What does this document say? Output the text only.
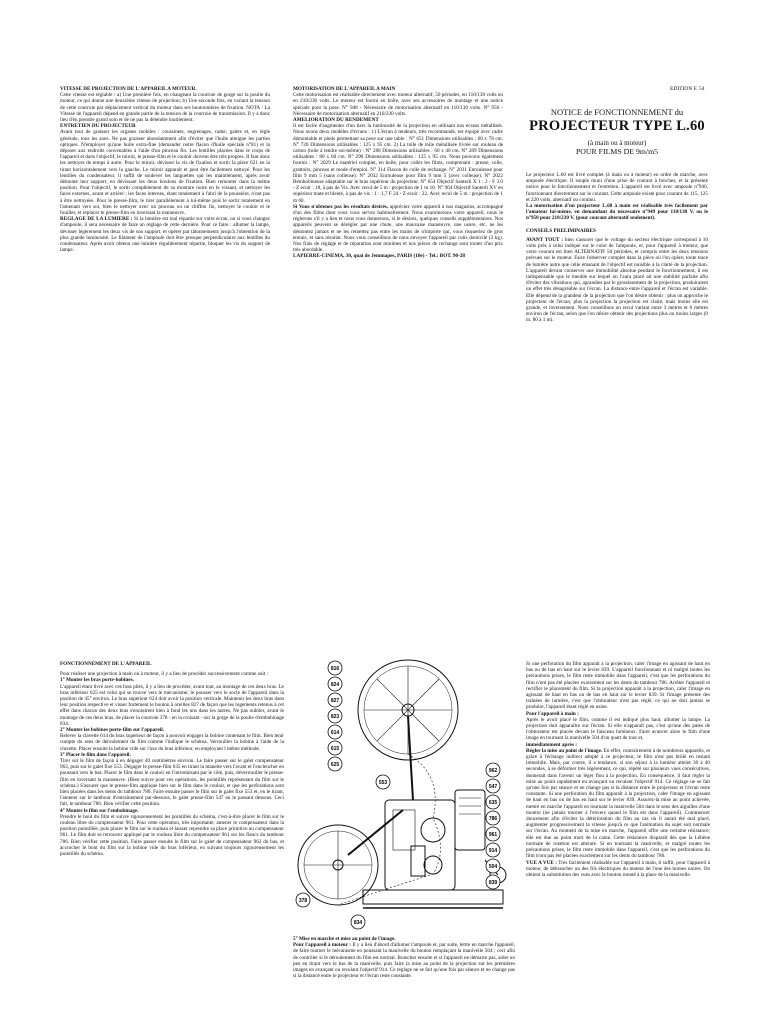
EDITION F. 54
NOTICE de FONCTIONNEMENT du
PROJECTEUR TYPE L.60
(à main ou à moteur)
POUR FILMS DE 9m/m5

VITESSE DE PROJECTION DE L'APPAREIL A MOTEUR.

Cette vitesse est réglable : a) Une première fois, en changeant la courroie de gorge sur la poulie du moteur, ce qui donne une deuxième vitesse de projection; b) Une seconde fois, en variant la tension de cette courroie par déplacement vertical du moteur dans ses boutonnières de fixation. NOTA : La Vitesse de l'appareil dépend en grande partie de la tension de la courroie de transmission. Il y à donc lieu d'en prendre grand soin et de ne pas la détendre inutilement.

ENTRETIEN DU PROJECTEUR

Avant tout de graisser les organes mobiles : coussinets, engrenages, came, galets et, en règle générale, tous les axes. Ne pas graisser abondamment afin d'éviter que l'huile atteigne les parties optiques. N'employer qu'une huile extra-fine (demander notre flacon d'huile spéciale n°81) et la déposer aux endroits convenables à l'aide d'un pinceau fin. Les lentilles placées dans le corps de l'appareil et dans l'objectif, le miroir, le presse-film et le couloir doivent être très propres. Il faut donc les nettoyer de temps à autre. Pour le miroir, dévisser la vis de fixation et sortir la pièce 621 en la tirant horizontalement vers la gauche. Le miroir apparaît et peut être facilement nettoyé. Pour les lentilles du condensateur, il suffit de soulever les languettes qui les maintiennent, après avoir démonté leur support, en dévissant les deux boulons de fixation. Bien remonter dans la même position. Pour l'objectif, le sortir complètement de sa monture noire en le vissant, et nettoyer les faces externes, avant et arrière ; les faces internes, étant totalement à l'abri de la poussière, n'ont pas à être nettoyées. Pour le presse-film, le tirer parallèlement à lui-même puis le sortir totalement en l'amenant vers soi, bien le nettoyer avec un pinceau ou un chiffon fin, nettoyer le couloir et le fouiller, et replacer le presse-film en inversant la manœuvre.

REGLAGE DE LA LUMIERE : Si la lumière est mal répartie sur votre écran, ou si vous changez d'ampoule, il sera nécessaire de faire un réglage de cette dernière. Pour ce faire : allumer la lampe, dévisser légèrement les deux vis de son support, et opérer par tâtonnements jusqu'à l'obtention de la plus grande luminosité. Le filament de l'ampoule doit être presque perpendiculaire aux lentilles du condensateur. Après avoir obtenu une lumière régulièrement répartie, bloquer les vis du support de lampe.

MOTORISATION DE L'APPAREIL A MAIN

Cette motorisation est réalisable directement avec moteur alternatif, 50 périodes, en 110/130 volts ou en 210/230 volts. Le moteur est fourni en boîte, avec ses accessoires de montage et une notice spéciale pour la pose. N° 948 - Nécessaire de motorisation alternatif en 110/130 volts. N° 950 - Nécessaire de motorisation alternatif en 210/230 volts.

AMELIORATION DU RENDEMENT

Il est facile d'augmenter d'un tiers la luminosité de la projection en utilisant nos écrans métallisés. Nous avons deux modèles d'écrans : 1) L'écran à tendeurs, très recommandé, est équipé avec cadre démontable et pieds permettant sa pose sur une table : N° 651 Dimensions utilisables : 60 x 78 cm. N° 720 Dimensions utilisables : 125 x 95 cm. 2) La toile de toile métallisée livrée sur rouleau de carton (toile à tendre soi-même) : N° 288 Dimensions utilisables : 60 x 40 cm. N° 289 Dimensions utilisables : 80 x 60 cm. N° 290 Dimensions utilisables : 125 x 95 cm. Nous pouvons également fournir : N° 2029 Le matériel complet, en boîte, pour coller les films, comprenant : presse, colle, grattoirs, pinceau et mode d'emploi. N° 314 Flacon de colle de rechange. N° 2031 Enrouleuse pour film 9 mm 5 (sans colleuse). N° 2032 Enrouleuse pour film 9 mm 5 (avec colleuse). N° 2022 Rembobineuse adaptable sur le bras supérieur du projecteur. N° 654 Objectif Santerli X 1 : 2 - F 3.0 - Z ecuir : 18, à pas de Vis. Avec recul de 5 m : projection de 1 m 10. N° 964 Objectif Santerli XV en supérieur mate et bleuté, à pas de vis : 1 : 1,7 F 24 - Z ecuir : 22. Avec recul de 5 m : projection de 1 m 60.

Si Vous n'obtenez pas les résultats désirés, appréciez votre appareil à nos magasins, accompagné d'un des films dont vous vous servez habituellement. Nous examinerons votre appareil, nous le réglerons s'il y a lieu et nous vous donnerons, si le désirez, quelques conseils supplémentaires. Nos appareils peuvent se dérégler par une chute, une mauvaise manœuvre, une usure, etc. ne les démontez jamais et ne les remettez pas entre les mains de n'importe qui, vous risqueriez de gros ennuis, et sans résultat. Nous vous conseillons de nous envoyer l'appareil par colis domicile (3 kg). Nos frais de réglage et de réparation sont minimes et nos pièces de rechange sont toutes d'un prix très abordable.

LAPIERRE-CINEMA, 30, quai de Jemmapes, PARIS (10e) - Tel.: BOT. 90-28

Le projecteur L.60 est livré complet (à main ou à moteur) en ordre de marche, avec ampoule électrique. Il souple muni d'une prise de courant à broches, et la présente notice pour le fonctionnement et l'entretien. L'appareil est livré avec ampoule n°940, fonctionnant directement sur le courant. Cette ampoule existe pour courant de 115, 125 et 220 volts, alternatif ou continu.

La motorisation d'un projecteur L.60 à main est réalisable très facilement par l'amateur lui-même, en demandant du nécessaire n°949 pour 110/130 V. ou le n°950 pour 210/230 V. (pour courant alternatif seulement).

CONSEILS PRELIMINAIRES

AVANT TOUT : bien s'assurer que le voltage du secteur électrique correspond à 10 volts près à celui indiqué sur le culot de l'ampoule, et, pour l'appareil à moteur, que votre courant est bien ALTERNATIF 50 périodes, et compris entre les deux tensions prévues sur le moteur. Faire l'observer complet dans la pièce où l'on opère; toute trace de lumière autre que celle émanant de l'objectif est nuisible à la clarté de la projection. L'appareil devant conserver une immobilité absolue pendant le fonctionnement, il est indispensable que le meuble sur lequel on l'aura placé ait une stabilité parfaite afin d'éviter des vibrations qui, agrandies par le grossissement de la projection, produiraient un effet très désagréable sur l'écran. La distance entre l'appareil et l'écran est variable. Elle dépend de la grandeur de la projection que l'on désire obtenir : plus on approche le projecteur de l'écran, plus la projection la projection est claire, mais moins elle est grande, et inversement. Nous conseillons un recul variant entre 3 mètres et 6 mètres environ de l'écran, selon que l'on désire obtenir des projections plus ou moins larges (0 m. 80 à 1 m).

FONCTIONNEMENT DE L'APPAREIL

Pour réaliser une projection à main ou à moteur, il y a lieu de procéder successivement comme suit :

1° Monter les bras porte-bobines.

L'appareil étant livré avec ces bras pliés, il y a lieu de procéder, avant tout, au montage de ces deux bras. Le bras inférieur 625 est celui qui se trouve vers le mécanisme; le pousser vers le socle de l'appareil dans la position de 45° environ. Le bras supérieur 624 doit avoir la position verticale. Maintenir les deux bras dans leur position respective et visser fortement le bouton à oreilles 827 de façon que les logements retenus à cet effet dans chacun des deux bras s'encastrent bien à fond les uns dans les autres. Ne pas oublier, avant le montage de ces deux bras, de placer la courroie 378 - en la croisant - sur la gorge de la poulie d'embobinage 834.

2° Monter les bobines porte-film sur l'appareil.

Relever la clavette 614 du bras supérieur de façon à pouvoir engager la bobine contenant le film. Bien tenir compte du sens de déroulement du film comme l'indique le schéma. Verrouiller la bobine à l'aide de la clavette. Placer ensuite la bobine vide sur l'axe du bras inférieur, en employant l même méthode.

3° Placer le film dans l'appareil.

Tirer sur le film de façon à en dégager 40 centimètres environ. Le faire passer sur le galet compensateur 962, puis sur le galet fixe 553. Dégager le presse-film 635 en tirant la manette vers l'avant et l'enclencher en poussant vers le bas. Placer le film dans le couloir en l'introduisant par le côté, puis, déverrouiller le presse-film en inversant la manœuvre. (Bien suivre pour ces opérations, les pointillés représentant du film sur le schéma.) S'assurer que le presse-film applique bien sur le film dans le couloir, et que les perforations sont bien placées dans les dents du tambour 786. Faire ensuite passer le film sur le galet fixe 553 et, en le tirant, l'amener sur le tambour d'entraînement par-dessous, le galet presse-film 547 en le passant dessous. Ceci fait, le tambour 786. Bien vérifier cette position.

4° Monter le film sur l'embobinage.

Prendre le bout du film et suivre rigoureusement les pointillés du schéma, c'est-à-dire placer le film sur le rouleau libre du compensateur 961. Pour cette opération, très importante, amener le compensateur dans la position pointillée, puis placer le film sur le rouleau et laisser reprendre sa place primitive au compensateur 961. Le film doit se retrouver appliqué par le rouleau libre du compensateur 961 sur les flancs du tambour 786. Bien vérifier cette position. Faire passer ensuite le film sur le galet de compensateur 962 du bas, et accrocher le bout du film sur la bobine vide du bras inférieur, en suivant toujours rigoureusement les pointillés du schéma.

816
824
827
823
614
615
625
553
962
547
635
786
961
914
504
839
378
834

5° Mise en marche et mise au point de l'image.

Pour l'appareil à moteur : Il y a lieu d'abord d'allumer l'ampoule et, par suite, lettre en marche l'appareil, de faire tourner le mécanisme en poussant la manivelle du bouton remplaçant la manivelle 504 ; ceci afin de contrôler si le déroulement du film est normal. Brancher ensuite et si l'appareil ne démarre pas, aider un peu en tirant vers le bas de la manivelle, puis faire la mise au point de la projection sur les premières images en avançant ou reculant l'objectif 914. Ce réglage ne se fait qu'une fois par séance et ne change pas si la distance entre le projecteur et l'écran reste constante.

Si une perforation du film apparaît à la projection, caler l'image en agissant de haut en bas ou de bas en haut sur le levier 839. L'appareil fonctionnant et ni malgré toutes les précautions prises, le film reste immobile dans l'appareil, c'est que les perforations du film n'ont pas été placées exactement sur les dents du tambour 786. Arrêter l'appareil et rectifier le placement du film. Si la projection apparaît à la projection, caler l'image en agissant de haut en bas ou de bas en haut sur le levier 839. Si l'image présente des traînées de lumière, c'est que l'obturateur n'est pas réglé, ce qui ne doit jamais se produire, l'appareil étant réglé en usine.

Pour l'appareil à main :

Après le avoir placé le film, comme il est indiqué plus haut, allumer la lampe. La projection doit apparaître sur l'écran. Si elle n'apparaît pas, c'est qu'une des pales de l'obturateur est placée devant le faisceau lumineux. Faire avancer alors le film d'une image en tournant la manivelle 504 d'un quart de tour et,

immédiatement après :

Régler la mise au point de l'image. En effet, contrairement à de nombreux appareils, et grâce à l'échange indirect adopté à ce projecteur, le film n'est pas brûlé en restant immobile. Mais, par contre, il a tendance, si son séjour à la lumière atteint 30 à 40 secondes, à se déformer très légèrement, ce qui, répété sur plusieurs vues consécutives, donnerait dans l'avenir un léger flou à la projection. En conséquence, il faut régler la mise au point rapidement en avançant ou reculant l'objectif 914. Ce réglage ne se fait qu'une fois par séance et ne change pas si la distance entre le projecteur et l'écran reste constante. Si une perforation du film apparaît à la projection, caler l'image en agissant de haut en bas ou de bas en haut sur le levier 839. Assurez-la mise au point achevée, mettre en marche l'appareil en tournant la manivelle 504 dans le sens des aiguilles d'une montre (ne jamais tourner à l'envers quand le film est dans l'appareil). Commencer doucement afin d'éviter la détérioration du film au cas où il aurait été mal placé, augmenter progressivement la vitesse jusqu'à ce que l'animation du sujet soit normale sur l'écran. Au moment de la mise en marche, l'appareil offre une certaine résistance; elle est due au point mort de la came. Cette résistance disparaît dès que la Lébène normale de rotation est atteinte. Si en tournant la manivelle, et malgré toutes les précautions prises, le film reste immobile dans l'appareil, c'est que les perforations du film n'ont pas été placées exactement sur les dents du tambour 786.

VUE A VUE : Très facilement réalisable sur l'appareil à main, il suffit, pour l'appareil à moteur, de débrancher un des fils électriques du moteur de l'une des bornes noires. On obtient la substitution des vues avec le bouton monté à la place de la manivelle.
